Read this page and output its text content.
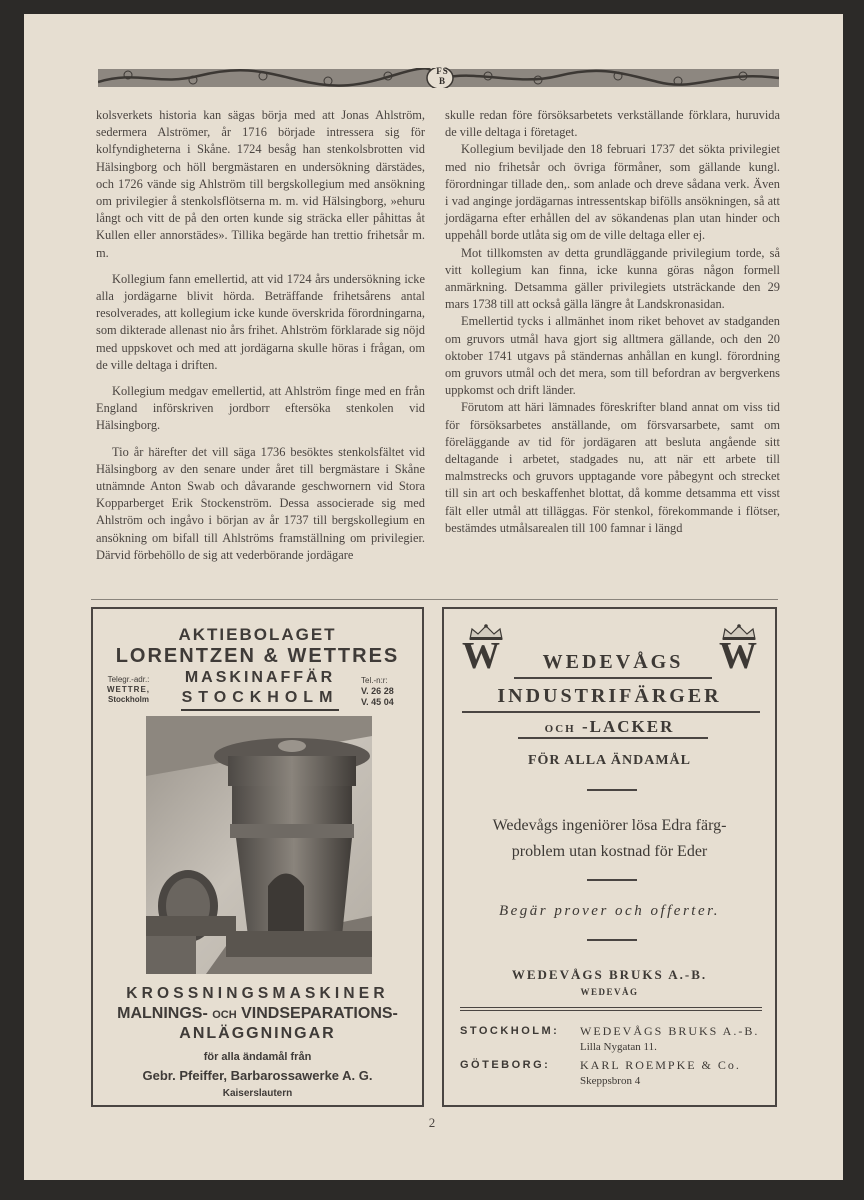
FS
B

kolsverkets historia kan sägas börja med att Jonas Ahlström, sedermera Alströmer, år 1716 började intressera sig för kolfyndigheterna i Skåne. 1724 besåg han stenkolsbrotten vid Hälsingborg och höll bergmästaren en undersökning därstädes, och 1726 vände sig Ahlström till bergskollegium med ansökning om privilegier å stenkolsflötserna m. m. vid Hälsingborg, »ehuru långt och vitt de på den orten kunde sig sträcka eller påhittas åt Kullen eller annorstädes». Tillika begärde han trettio frihetsår m. m.

Kollegium fann emellertid, att vid 1724 års undersökning icke alla jordägarne blivit hörda. Beträffande frihetsårens antal resolverades, att kollegium icke kunde överskrida förordningarna, som dikterade allenast nio års frihet. Ahlström förklarade sig nöjd med uppskovet och med att jordägarna skulle höras i frågan, om de ville deltaga i driften.

Kollegium medgav emellertid, att Ahlström finge med en från England införskriven jordborr eftersöka stenkolen vid Hälsingborg.

Tio år härefter det vill säga 1736 besöktes stenkolsfältet vid Hälsingborg av den senare under året till bergmästare i Skåne utnämnde Anton Swab och dåvarande geschwornern vid Stora Kopparberget Erik Stockenström. Dessa associerade sig med Ahlström och ingåvo i början av år 1737 till bergskollegium en ansökning om bifall till Ahlströms framställning om privilegier. Därvid förbehöllo de sig att vederbörande jordägare

skulle redan före försöksarbetets verkställande förklara, huruvida de ville deltaga i företaget.

Kollegium beviljade den 18 februari 1737 det sökta privilegiet med nio frihetsår och övriga förmåner, som gällande kungl. förordningar tillade den,. som anlade och dreve sådana verk. Även i vad anginge jordägarnas intressentskap bifölls ansökningen, så att jordägarna efter erhållen del av sökandenas plan utan hinder och uppehåll borde utlåta sig om de ville deltaga eller ej.

Mot tillkomsten av detta grundläggande privilegium torde, så vitt kollegium kan finna, icke kunna göras någon formell anmärkning. Detsamma gäller privilegiets utsträckande den 29 mars 1738 till att också gälla längre åt Landskronasidan.

Emellertid tycks i allmänhet inom riket behovet av stadganden om gruvors utmål hava gjort sig alltmera gällande, och den 20 oktober 1741 utgavs på ständernas anhållan en kungl. förordning om gruvors utmål och det mera, som till befordran av bergverkens uppkomst och drift länder.

Förutom att häri lämnades föreskrifter bland annat om viss tid för försöksarbetes anställande, om försvarsarbete, samt om föreläggande av tid för jordägaren att besluta angående sitt deltagande i arbetet, stadgades nu, att när ett arbete till malmstrecks och gruvors upptagande vore påbegynt och strecket till sin art och beskaffenhet blottat, då komme detsamma ett visst fält eller utmål att tilläggas. För stenkol, förekommande i flötser, bestämdes utmålsarealen till 100 famnar i längd

AKTIEBOLAGET
LORENTZEN & WETTRES
Telegr.-adr.:
WETTRE,
Stockholm
MASKINAFFÄR
STOCKHOLM
Tel.-n:r:
V. 26 28
V. 45 04
KROSSNINGSMASKINER
MALNINGS- OCH VINDSEPARATIONS-
ANLÄGGNINGAR
för alla ändamål från
Gebr. Pfeiffer, Barbarossawerke A. G.
Kaiserslautern
W	W
WEDEVÅGS
INDUSTRIFÄRGER
OCH -LACKER
FÖR ALLA ÄNDAMÅL
Wedevågs ingeniörer lösa Edra färg-
problem utan kostnad för Eder
Begär prover och offerter.
WEDEVÅGS BRUKS A.-B.
WEDEVÅG
STOCKHOLM: WEDEVÅGS BRUKS A.-B.
Lilla Nygatan 11.
GÖTEBORG: KARL ROEMPKE & Co.
Skeppsbron 4
2
